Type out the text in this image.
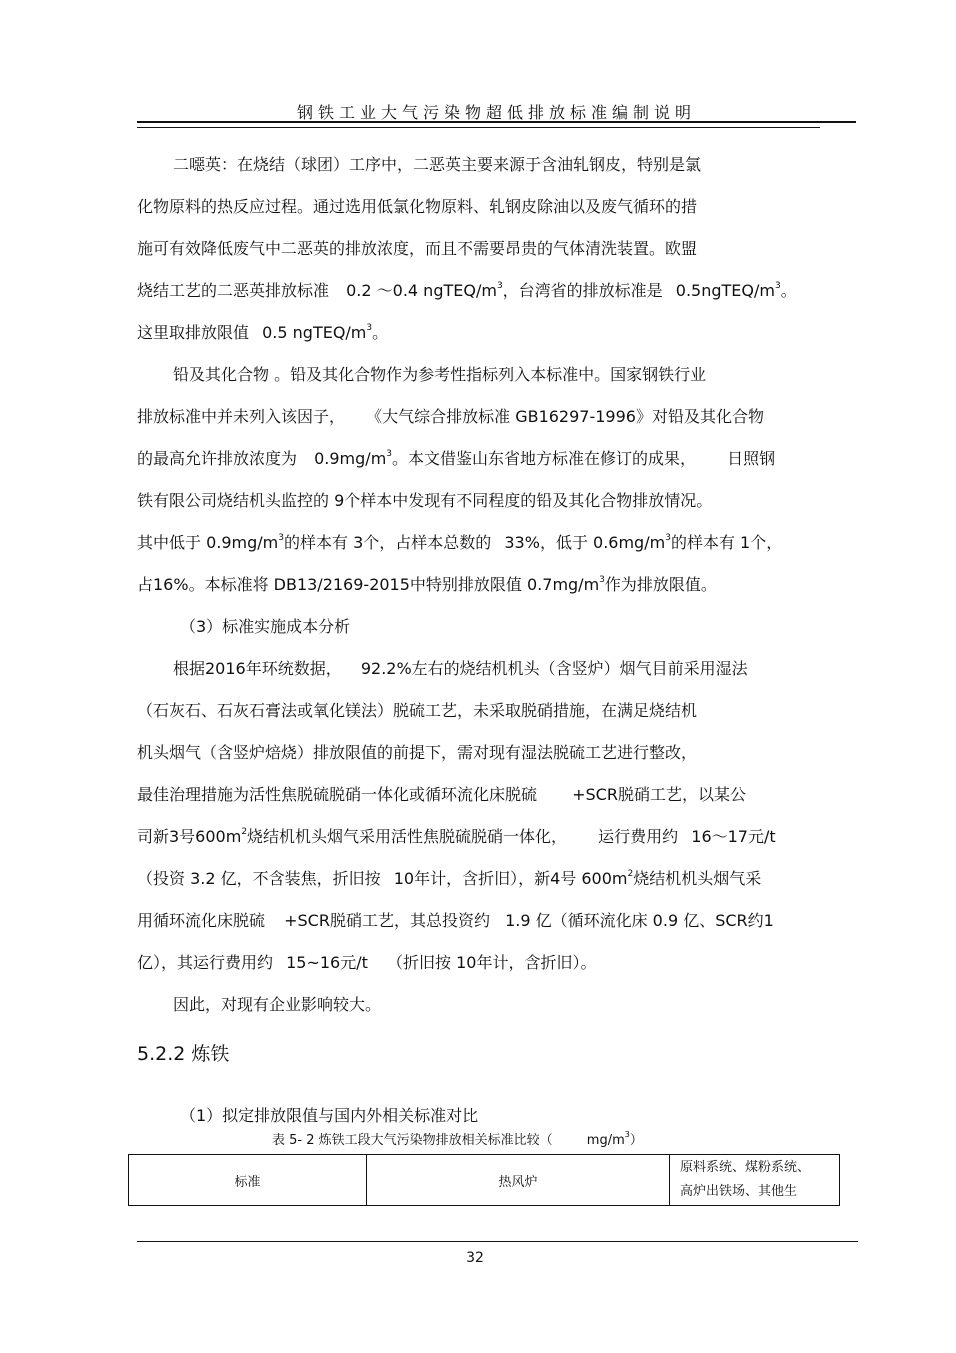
钢铁工业大气污染物超低排放标准编制说明
二噁英：在烧结（球团）工序中，二恶英主要来源于含油轧钢皮，特别是氯
化物原料的热反应过程。通过选用低氯化物原料、轧钢皮除油以及废气循环的措
施可有效降低废气中二恶英的排放浓度，而且不需要昂贵的气体清洗装置。欧盟
烧结工艺的二恶英排放标准 0.2 ～0.4 ngTEQ/$m^3$，台湾省的排放标准是 $0.5ngTEQ/m^3$。
这里取排放限值 0.5 ngTEQ/$m^3$。
铅及其化合物 。铅及其化合物作为参考性指标列入本标准中。国家钢铁行业
排放标准中并未列入该因子， 《大气综合排放标准 GB16297-1996》对铅及其化合物
的最高允许排放浓度为 $0.9mg/m^3$。本文借鉴山东省地方标准在修订的成果， 日照钢
铁有限公司烧结机头监控的 9个样本中发现有不同程度的铅及其化合物排放情况。
其中低于 $0.9mg/m^3$的样本有 3个，占样本总数的 33%，低于 $0.6mg/m^3$的样本有 1个，
占16%。本标准将 DB13/2169-2015中特别排放限值 $0.7mg/m^3$作为排放限值。
（3）标准实施成本分析
根据2016年环统数据， 92.2%左右的烧结机机头（含竖炉）烟气目前采用湿法
（石灰石、石灰石膏法或氧化镁法）脱硫工艺，未采取脱硝措施，在满足烧结机
机头烟气（含竖炉焙烧）排放限值的前提下，需对现有湿法脱硫工艺进行整改，
最佳治理措施为活性焦脱硫脱硝一体化或循环流化床脱硫 +SCR脱硝工艺，以某公
司新3号$600m^2$烧结机机头烟气采用活性焦脱硫脱硝一体化， 运行费用约 16～17元/t
（投资 3.2 亿，不含装焦，折旧按 10年计，含折旧），新4号 $600m^2$烧结机机头烟气采
用循环流化床脱硫 +SCR脱硝工艺，其总投资约 1.9 亿（循环流化床 0.9 亿、SCR约1
亿），其运行费用约 15~16元/t （折旧按 10年计，含折旧）。
因此，对现有企业影响较大。
5.2.2 炼铁
（1）拟定排放限值与国内外相关标准对比
表 5- 2 炼铁工段大气污染物排放相关标准比较（	$mg/m^3$）
标准	热风炉	
原料系统、煤粉系统、
高炉出铁场、其他生
32
